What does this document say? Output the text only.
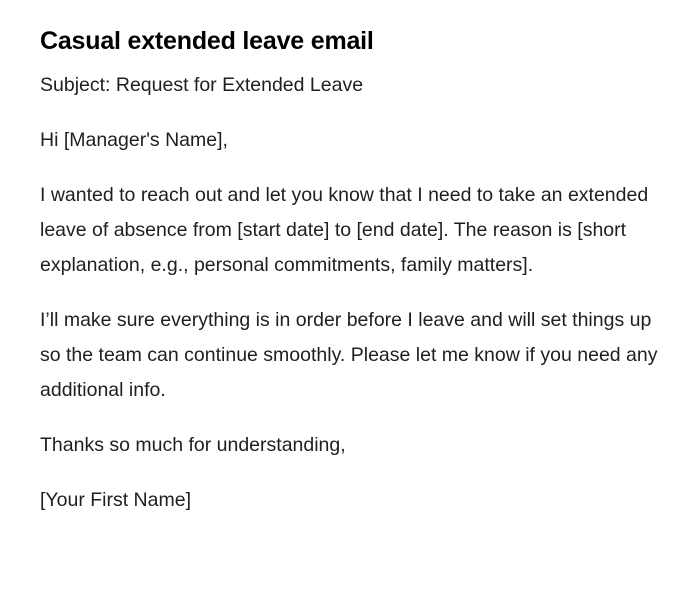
Casual extended leave email

Subject: Request for Extended Leave

Hi [Manager's Name],

I wanted to reach out and let you know that I need to take an extended leave of absence from [start date] to [end date]. The reason is [short explanation, e.g., personal commitments, family matters].

I’ll make sure everything is in order before I leave and will set things up so the team can continue smoothly. Please let me know if you need any additional info.

Thanks so much for understanding,

[Your First Name]
